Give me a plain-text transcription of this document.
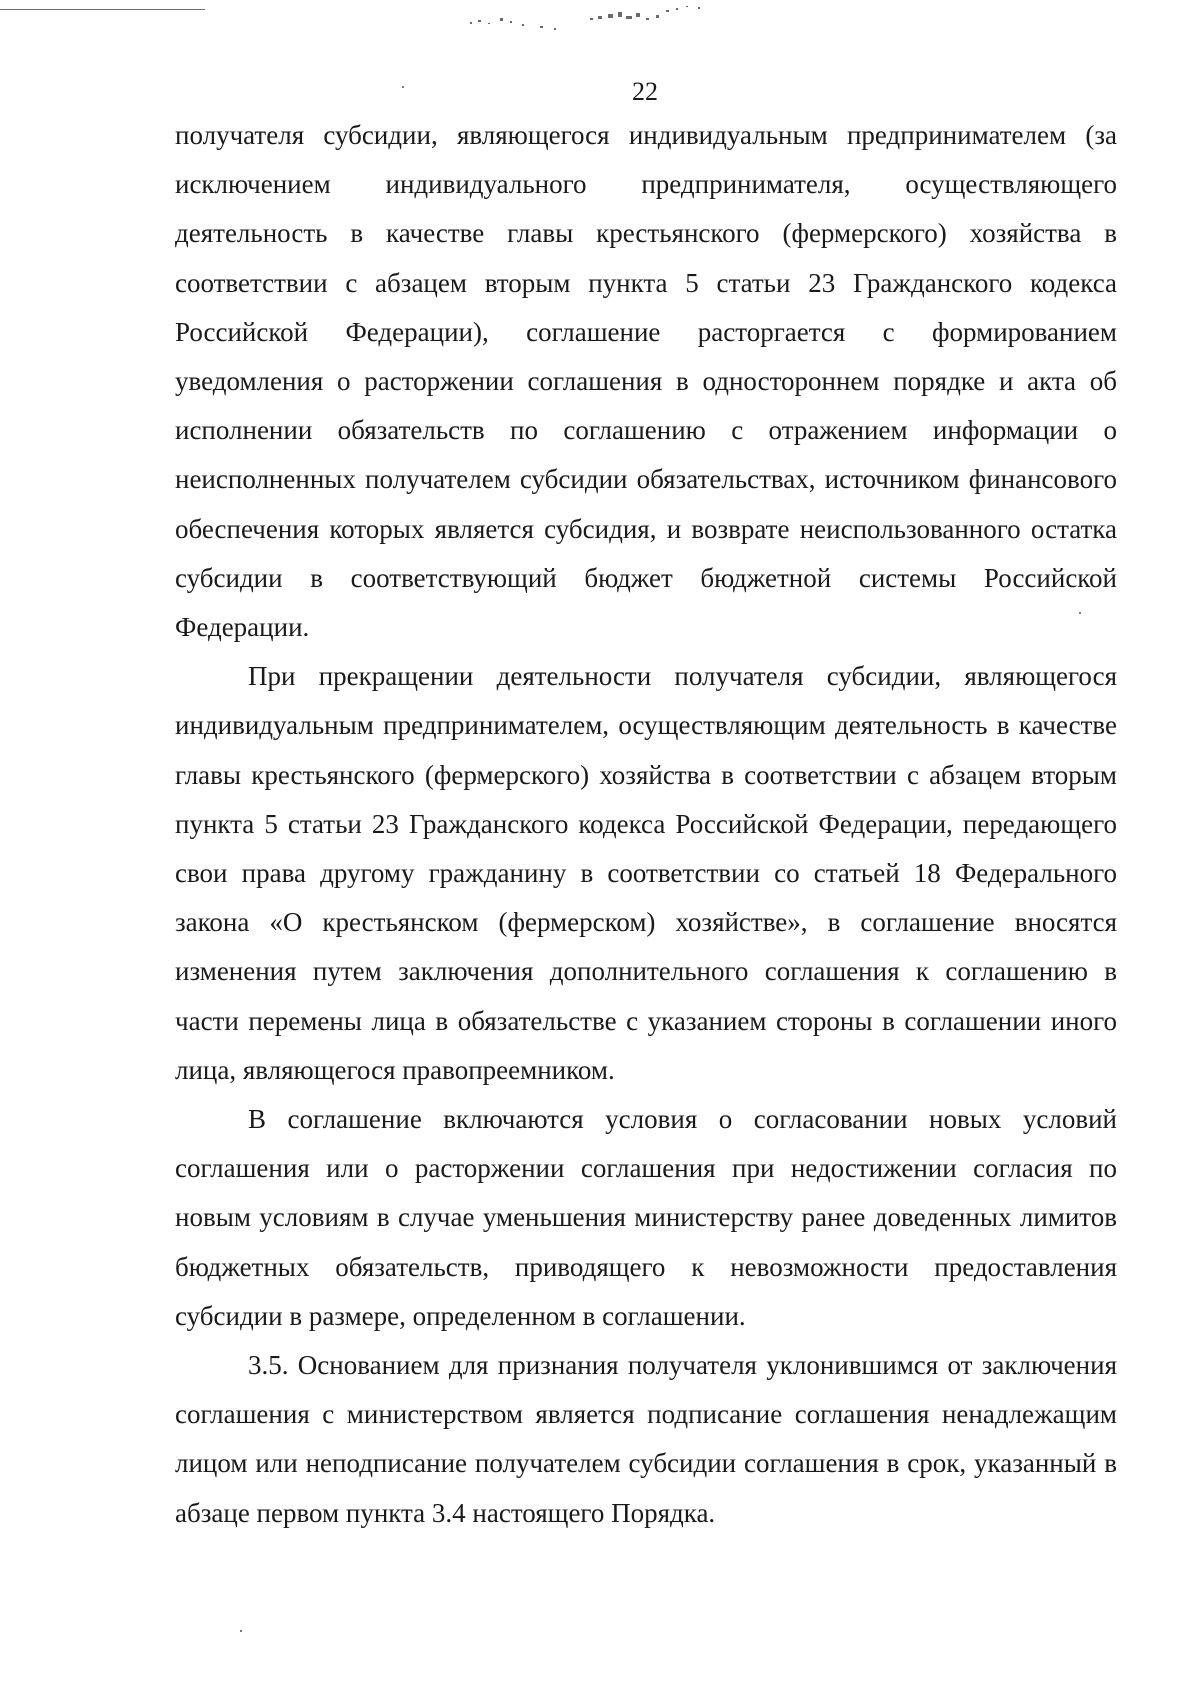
22

получателя субсидии, являющегося индивидуальным предпринимателем (за исключением индивидуального предпринимателя, осуществляющего деятельность в качестве главы крестьянского (фермерского) хозяйства в соответствии с абзацем вторым пункта 5 статьи 23 Гражданского кодекса Российской Федерации), соглашение расторгается с формированием уведомления о расторжении соглашения в одностороннем порядке и акта об исполнении обязательств по соглашению с отражением информации о неисполненных получателем субсидии обязательствах, источником финансового обеспечения которых является субсидия, и возврате неиспользованного остатка субсидии в соответствующий бюджет бюджетной системы Российской Федерации.

При прекращении деятельности получателя субсидии, являющегося индивидуальным предпринимателем, осуществляющим деятельность в качестве главы крестьянского (фермерского) хозяйства в соответствии с абзацем вторым пункта 5 статьи 23 Гражданского кодекса Российской Федерации, передающего свои права другому гражданину в соответствии со статьей 18 Федерального закона «О крестьянском (фермерском) хозяйстве», в соглашение вносятся изменения путем заключения дополнительного соглашения к соглашению в части перемены лица в обязательстве с указанием стороны в соглашении иного лица, являющегося правопреемником.

В соглашение включаются условия о согласовании новых условий соглашения или о расторжении соглашения при недостижении согласия по новым условиям в случае уменьшения министерству ранее доведенных лимитов бюджетных обязательств, приводящего к невозможности предоставления субсидии в размере, определенном в соглашении.

3.5. Основанием для признания получателя уклонившимся от заключения соглашения с министерством является подписание соглашения ненадлежащим лицом или неподписание получателем субсидии соглашения в срок, указанный в абзаце первом пункта 3.4 настоящего Порядка.
